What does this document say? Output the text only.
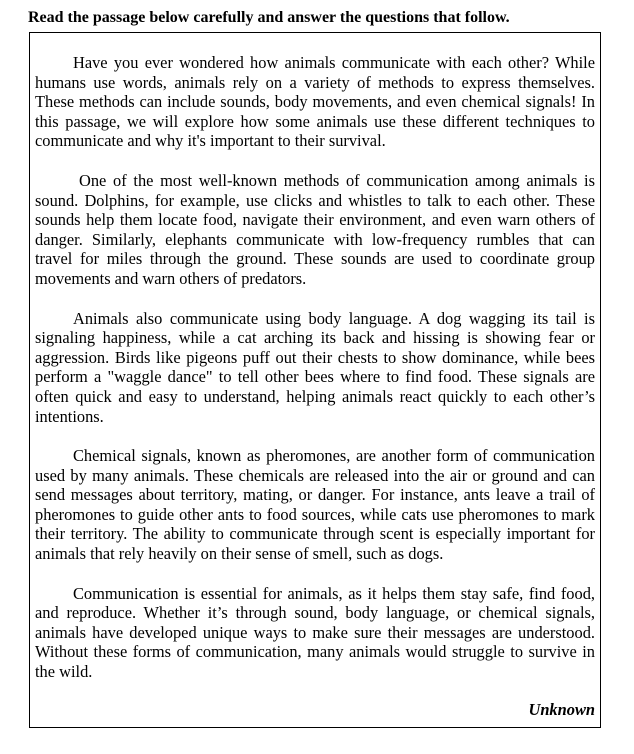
Read the passage below carefully and answer the questions that follow.

Have you ever wondered how animals communicate with each other? While humans use words, animals rely on a variety of methods to express themselves. These methods can include sounds, body movements, and even chemical signals! In this passage, we will explore how some animals use these different techniques to communicate and why it's important to their survival.

One of the most well-known methods of communication among animals is sound. Dolphins, for example, use clicks and whistles to talk to each other. These sounds help them locate food, navigate their environment, and even warn others of danger. Similarly, elephants communicate with low-frequency rumbles that can travel for miles through the ground. These sounds are used to coordinate group movements and warn others of predators.

Animals also communicate using body language. A dog wagging its tail is signaling happiness, while a cat arching its back and hissing is showing fear or aggression. Birds like pigeons puff out their chests to show dominance, while bees perform a "waggle dance" to tell other bees where to find food. These signals are often quick and easy to understand, helping animals react quickly to each other’s intentions.

Chemical signals, known as pheromones, are another form of communication used by many animals. These chemicals are released into the air or ground and can send messages about territory, mating, or danger. For instance, ants leave a trail of pheromones to guide other ants to food sources, while cats use pheromones to mark their territory. The ability to communicate through scent is especially important for animals that rely heavily on their sense of smell, such as dogs.

Communication is essential for animals, as it helps them stay safe, find food, and reproduce. Whether it’s through sound, body language, or chemical signals, animals have developed unique ways to make sure their messages are understood. Without these forms of communication, many animals would struggle to survive in the wild.

Unknown
